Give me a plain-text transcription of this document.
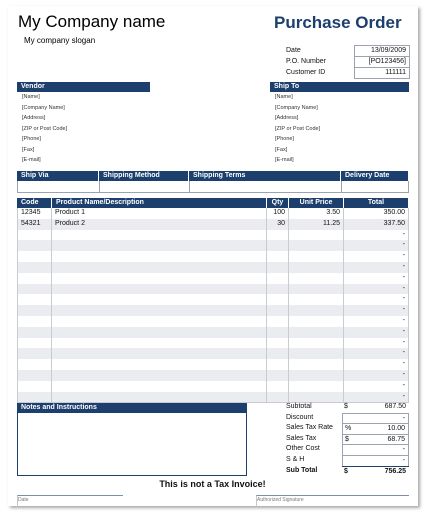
My Company name
My company slogan
Purchase Order
Date	13/09/2009
P.O. Number	[PO123456]
Customer ID	111111
Vendor
[Name]
[Company Name]
[Address]
[ZIP or Post Code]
[Phone]
[Fax]
[E-mail]
Ship To
[Name]
[Company Name]
[Address]
[ZIP or Post Code]
[Phone]
[Fax]
[E-mail]
Ship Via	Shipping Method	Shipping Terms	Delivery Date
Code	Product Name/Description	Qty	Unit Price	Total
12345	Product 1	100	3.50	350.00
54321	Product 2	30	11.25	337.50
-
-
-
-
-
-
-
-
-
-
-
-
-
-
-
-
Notes and Instructions	Subtotal	$	687.50
Discount	-
Sales Tax Rate	%	10.00
Sales Tax	$	68.75
Other Cost	-
S & H	-
Sub Total	$	756.25
This is not a Tax Invoice!
Date	Authorized Signature
